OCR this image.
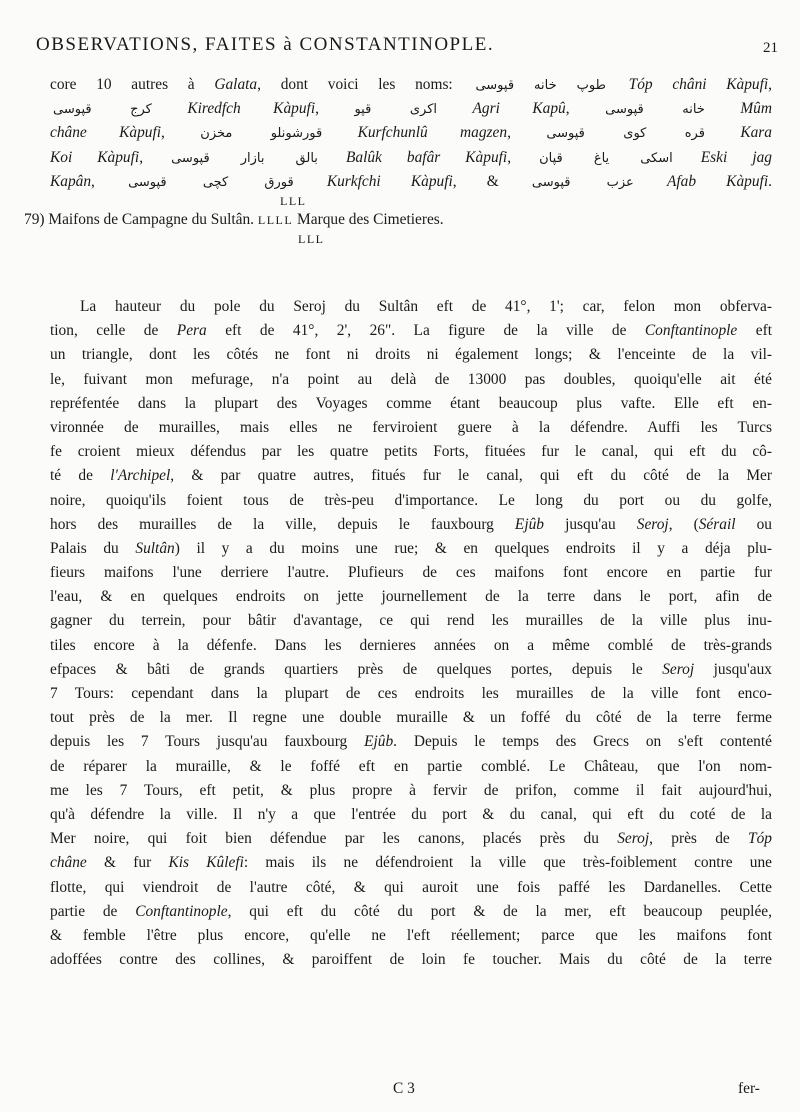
OBSERVATIONS, FAITES à CONSTANTINOPLE.	21
core 10 autres à Galata, dont voici les noms: طوپ خانه قپوسی Tóp châni Kàpufi,
قپوسی	كرج Kiredfch Kàpufi,	قپو	اكرى Agri Kapû,	قپوسی	خانه Mûm
châne Kàpufi,	مخزن	قورشونلو Kurfchunlû magzen,	قپوسی	كوى	قره Kara
Koi Kàpufi, قپوسی بازار بالق Balûk bafâr Kàpufi, قپان ياغ اسكی Eski jag
Kapân,	قپوسی	كچی	قورق Kurkfchi Kàpufi, &	قپوسی	عزب Afab Kàpufi.
LLL
79) Maifons de Campagne du Sultân. LLLL Marque des Cimetieres.
LLL
La hauteur du pole du Seroj du Sultân eft de 41°, 1'; car, felon mon obferva-
tion, celle de Pera eft de 41°, 2', 26". La figure de la ville de Conftantinople eft
un triangle, dont les côtés ne font ni droits ni également longs; & l'enceinte de la vil-
le, fuivant mon mefurage, n'a point au delà de 13000 pas doubles, quoiqu'elle ait été
repréfentée dans la plupart des Voyages comme étant beaucoup plus vafte. Elle eft en-
vironnée de murailles, mais elles ne ferviroient guere à la défendre. Auffi les Turcs
fe croient mieux défendus par les quatre petits Forts, fituées fur le canal, qui eft du cô-
té de l'Archipel, & par quatre autres, fitués fur le canal, qui eft du côté de la Mer
noire, quoiqu'ils foient tous de très-peu d'importance. Le long du port ou du golfe,
hors des murailles de la ville, depuis le fauxbourg Ejûb jusqu'au Seroj, (Sérail ou
Palais du Sultân) il y a du moins une rue; & en quelques endroits il y a déja plu-
fieurs maifons l'une derriere l'autre. Plufieurs de ces maifons font encore en partie fur
l'eau, & en quelques endroits on jette journellement de la terre dans le port, afin de
gagner du terrein, pour bâtir d'avantage, ce qui rend les murailles de la ville plus inu-
tiles encore à la défenfe. Dans les dernieres années on a même comblé de très-grands
efpaces & bâti de grands quartiers près de quelques portes, depuis le Seroj jusqu'aux
7 Tours: cependant dans la plupart de ces endroits les murailles de la ville font enco-
tout près de la mer. Il regne une double muraille & un foffé du côté de la terre ferme
depuis les 7 Tours jusqu'au fauxbourg Ejûb. Depuis le temps des Grecs on s'eft contenté
de réparer la muraille, & le foffé eft en partie comblé. Le Château, que l'on nom-
me les 7 Tours, eft petit, & plus propre à fervir de prifon, comme il fait aujourd'hui,
qu'à défendre la ville. Il n'y a que l'entrée du port & du canal, qui eft du coté de la
Mer noire, qui foit bien défendue par les canons, placés près du Seroj, près de Tóp
châne & fur Kis Kûlefi: mais ils ne défendroient la ville que très-foiblement contre une
flotte, qui viendroit de l'autre côté, & qui auroit une fois paffé les Dardanelles. Cette
partie de Conftantinople, qui eft du côté du port & de la mer, eft beaucoup peuplée,
& femble l'être plus encore, qu'elle ne l'eft réellement; parce que les maifons font
adoffées contre des collines, & paroiffent de loin fe toucher. Mais du côté de la terre
C 3	fer-
